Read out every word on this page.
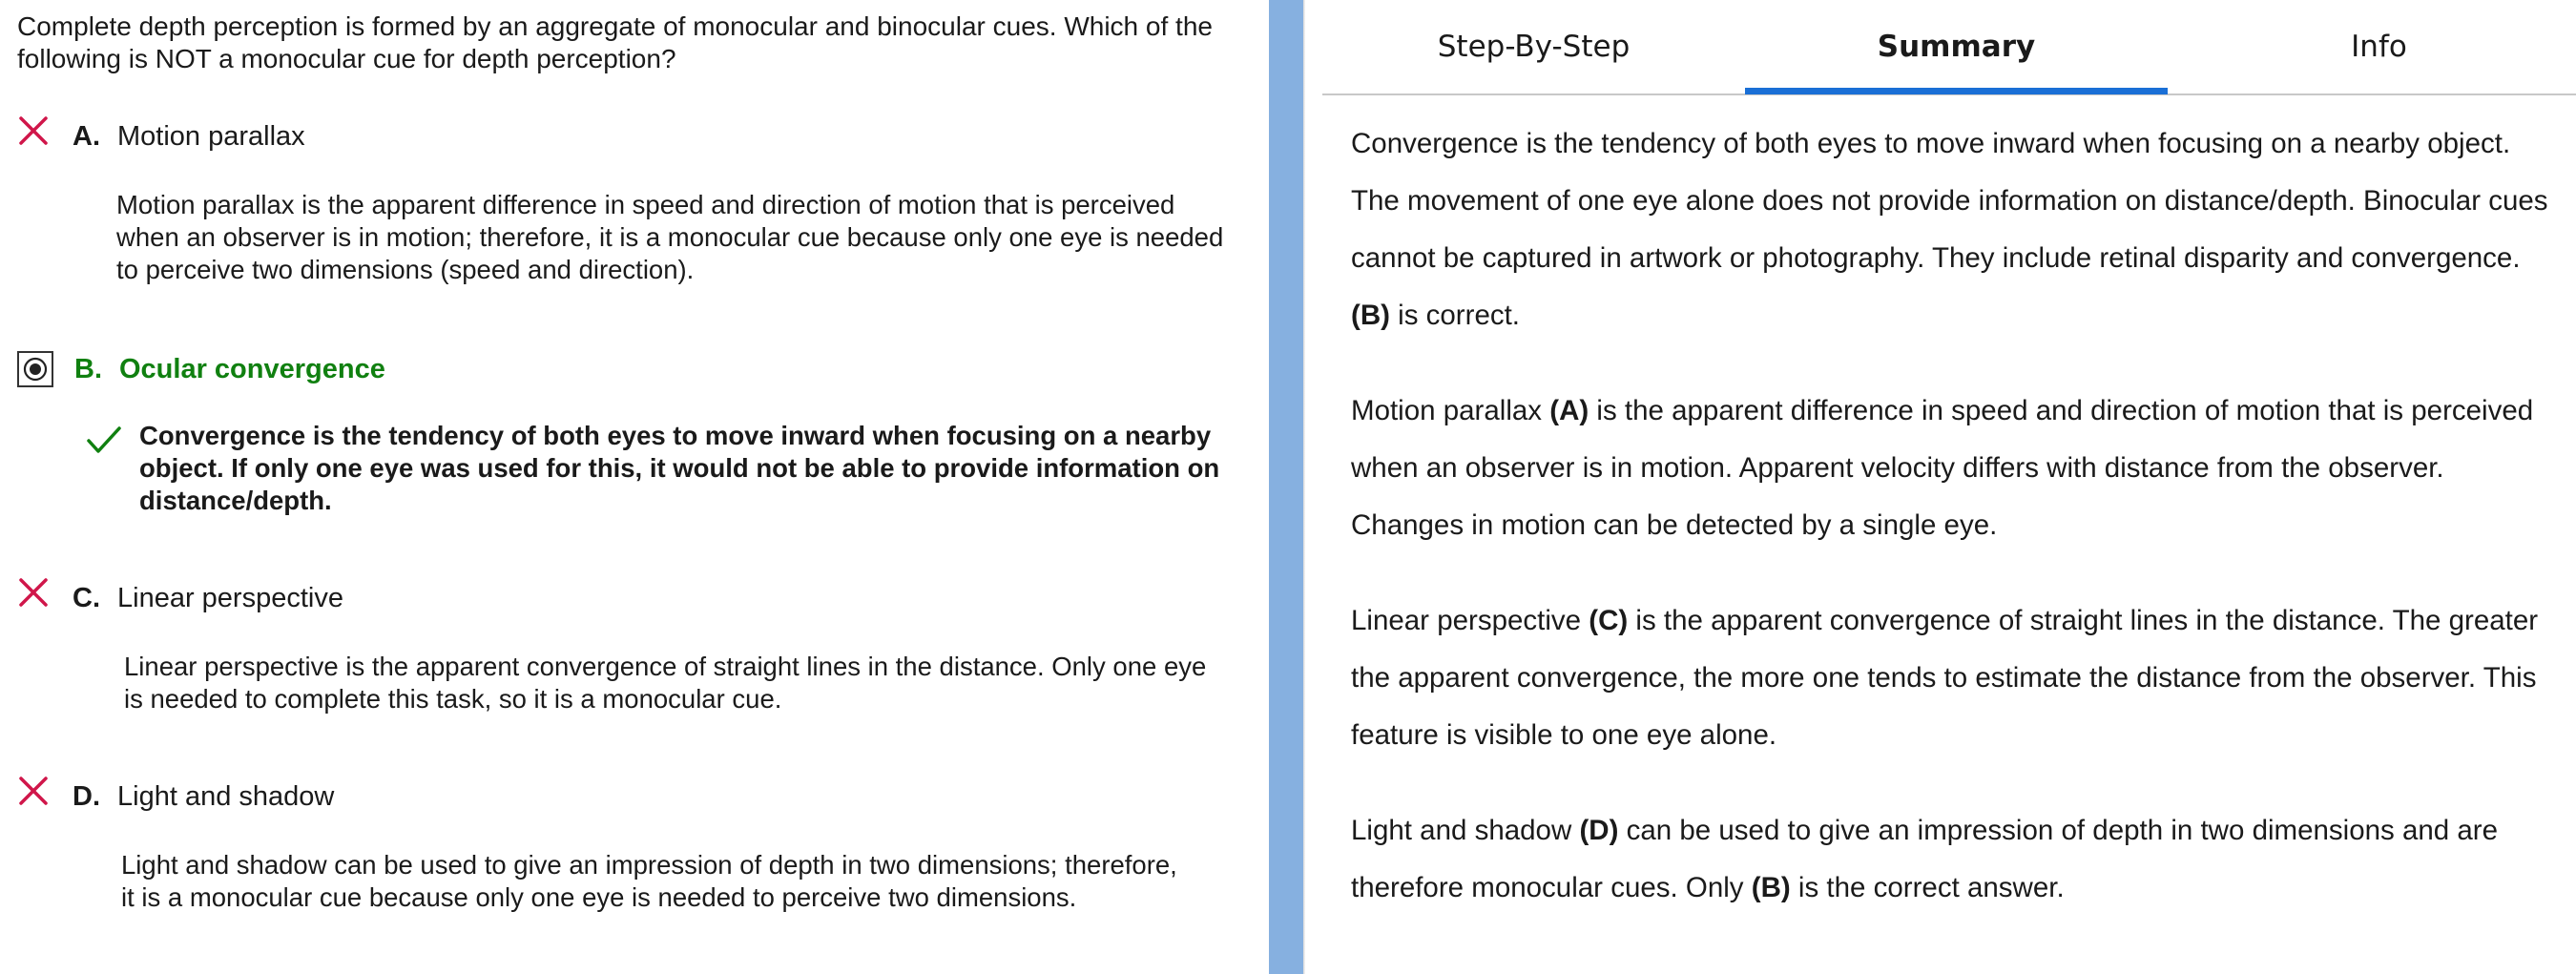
Complete depth perception is formed by an aggregate of monocular and binocular cues. Which of the following is NOT a monocular cue for depth perception?
A. Motion parallax
Motion parallax is the apparent difference in speed and direction of motion that is perceived when an observer is in motion; therefore, it is a monocular cue because only one eye is needed to perceive two dimensions (speed and direction).
B. Ocular convergence
Convergence is the tendency of both eyes to move inward when focusing on a nearby object. If only one eye was used for this, it would not be able to provide information on distance/depth.
C. Linear perspective
Linear perspective is the apparent convergence of straight lines in the distance. Only one eye is needed to complete this task, so it is a monocular cue.
D. Light and shadow
Light and shadow can be used to give an impression of depth in two dimensions; therefore, it is a monocular cue because only one eye is needed to perceive two dimensions.
Step-By-Step	Summary	Info

Convergence is the tendency of both eyes to move inward when focusing on a nearby object. The movement of one eye alone does not provide information on distance/depth. Binocular cues cannot be captured in artwork or photography. They include retinal disparity and convergence. (B) is correct.

Motion parallax (A) is the apparent difference in speed and direction of motion that is perceived when an observer is in motion. Apparent velocity differs with distance from the observer. Changes in motion can be detected by a single eye.

Linear perspective (C) is the apparent convergence of straight lines in the distance. The greater the apparent convergence, the more one tends to estimate the distance from the observer. This feature is visible to one eye alone.

Light and shadow (D) can be used to give an impression of depth in two dimensions and are therefore monocular cues. Only (B) is the correct answer.
